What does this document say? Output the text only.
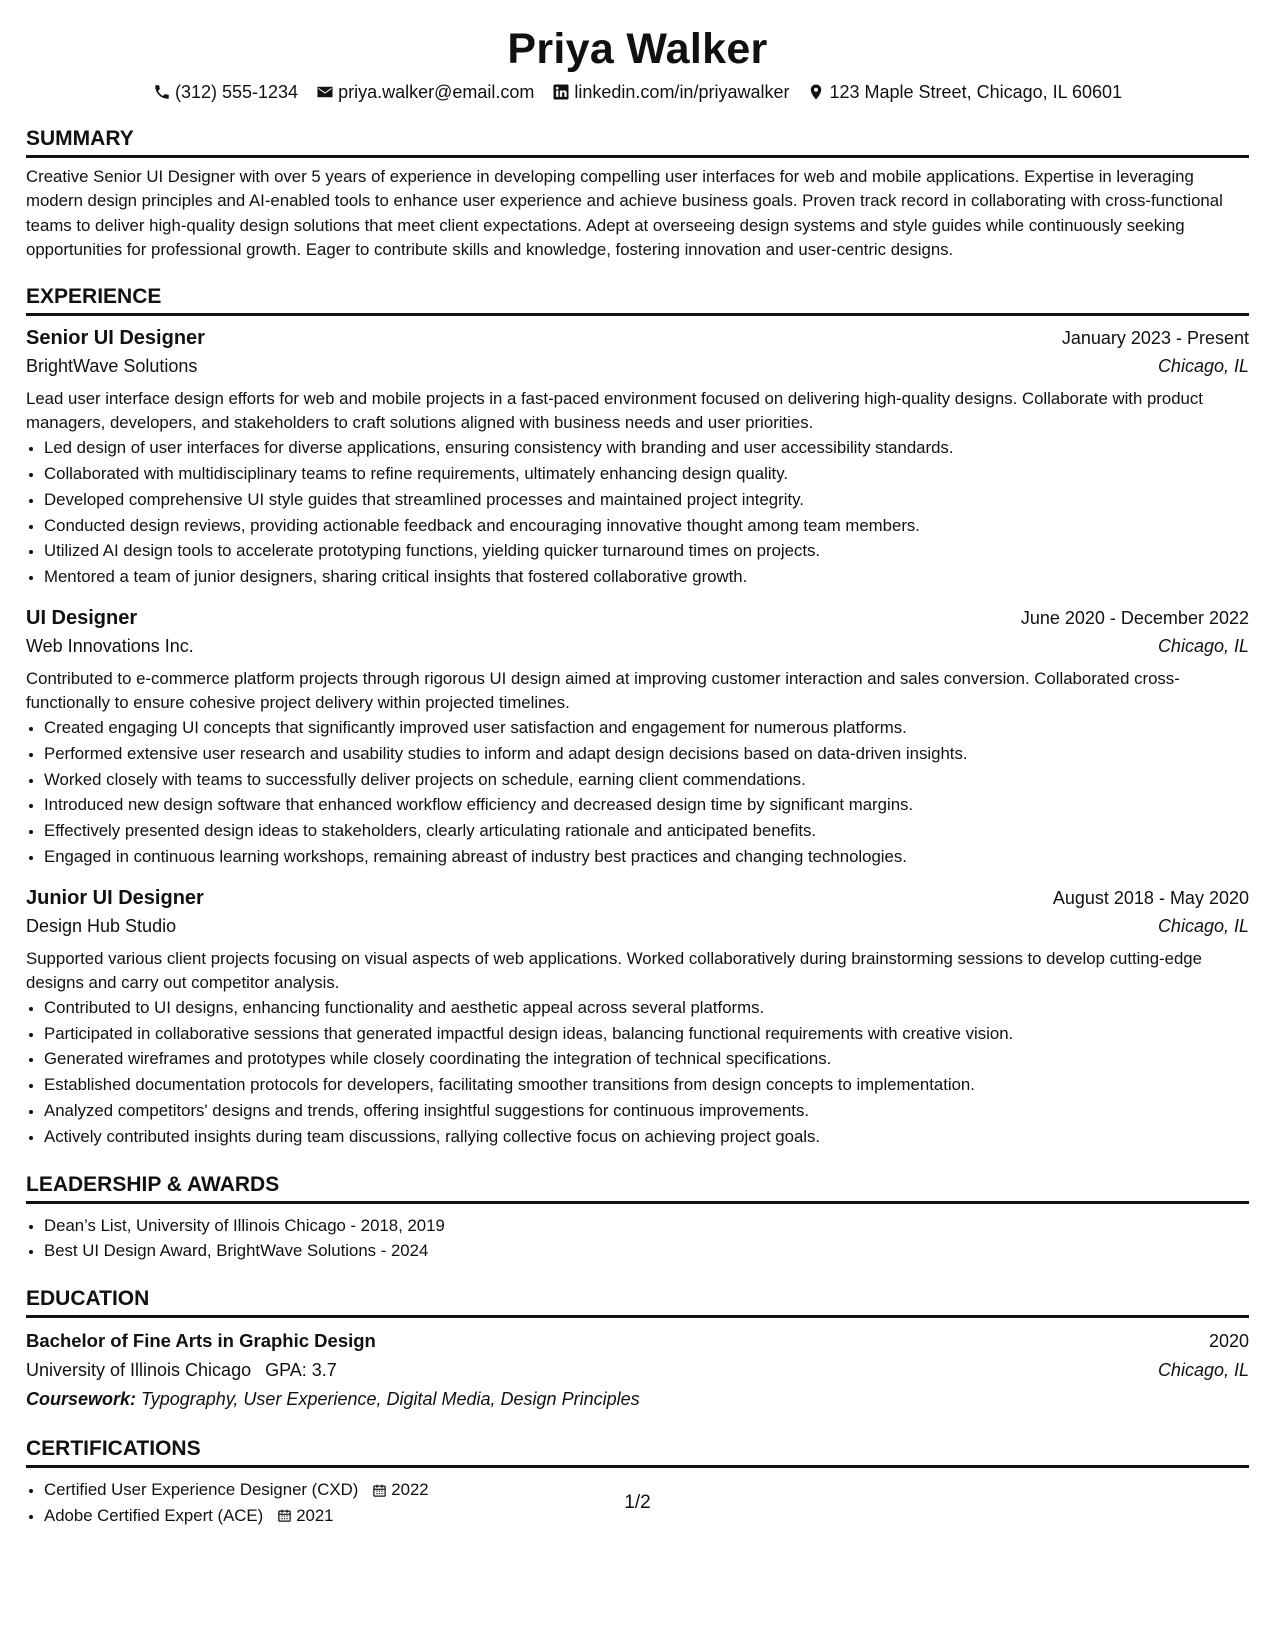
Priya Walker
(312) 555-1234 priya.walker@email.com linkedin.com/in/priyawalker 123 Maple Street, Chicago, IL 60601
SUMMARY

Creative Senior UI Designer with over 5 years of experience in developing compelling user interfaces for web and mobile applications. Expertise in leveraging modern design principles and AI-enabled tools to enhance user experience and achieve business goals. Proven track record in collaborating with cross-functional teams to deliver high-quality design solutions that meet client expectations. Adept at overseeing design systems and style guides while continuously seeking opportunities for professional growth. Eager to contribute skills and knowledge, fostering innovation and user-centric designs.

EXPERIENCE
Senior UI Designer	January 2023 - Present
BrightWave Solutions	Chicago, IL

Lead user interface design efforts for web and mobile projects in a fast-paced environment focused on delivering high-quality designs. Collaborate with product managers, developers, and stakeholders to craft solutions aligned with business needs and user priorities.

• Led design of user interfaces for diverse applications, ensuring consistency with branding and user accessibility standards.
• Collaborated with multidisciplinary teams to refine requirements, ultimately enhancing design quality.
• Developed comprehensive UI style guides that streamlined processes and maintained project integrity.
• Conducted design reviews, providing actionable feedback and encouraging innovative thought among team members.
• Utilized AI design tools to accelerate prototyping functions, yielding quicker turnaround times on projects.
• Mentored a team of junior designers, sharing critical insights that fostered collaborative growth.
UI Designer	June 2020 - December 2022
Web Innovations Inc.	Chicago, IL

Contributed to e-commerce platform projects through rigorous UI design aimed at improving customer interaction and sales conversion. Collaborated cross-functionally to ensure cohesive project delivery within projected timelines.

• Created engaging UI concepts that significantly improved user satisfaction and engagement for numerous platforms.
• Performed extensive user research and usability studies to inform and adapt design decisions based on data-driven insights.
• Worked closely with teams to successfully deliver projects on schedule, earning client commendations.
• Introduced new design software that enhanced workflow efficiency and decreased design time by significant margins.
• Effectively presented design ideas to stakeholders, clearly articulating rationale and anticipated benefits.
• Engaged in continuous learning workshops, remaining abreast of industry best practices and changing technologies.
Junior UI Designer	August 2018 - May 2020
Design Hub Studio	Chicago, IL

Supported various client projects focusing on visual aspects of web applications. Worked collaboratively during brainstorming sessions to develop cutting-edge designs and carry out competitor analysis.

• Contributed to UI designs, enhancing functionality and aesthetic appeal across several platforms.
• Participated in collaborative sessions that generated impactful design ideas, balancing functional requirements with creative vision.
• Generated wireframes and prototypes while closely coordinating the integration of technical specifications.
• Established documentation protocols for developers, facilitating smoother transitions from design concepts to implementation.
• Analyzed competitors' designs and trends, offering insightful suggestions for continuous improvements.
• Actively contributed insights during team discussions, rallying collective focus on achieving project goals.
LEADERSHIP & AWARDS
• Dean’s List, University of Illinois Chicago - 2018, 2019
• Best UI Design Award, BrightWave Solutions - 2024
EDUCATION
Bachelor of Fine Arts in Graphic Design	2020
University of Illinois Chicago GPA: 3.7	Chicago, IL
Coursework: Typography, User Experience, Digital Media, Design Principles
CERTIFICATIONS
• Certified User Experience Designer (CXD) 2022
• Adobe Certified Expert (ACE) 2021
1/2
